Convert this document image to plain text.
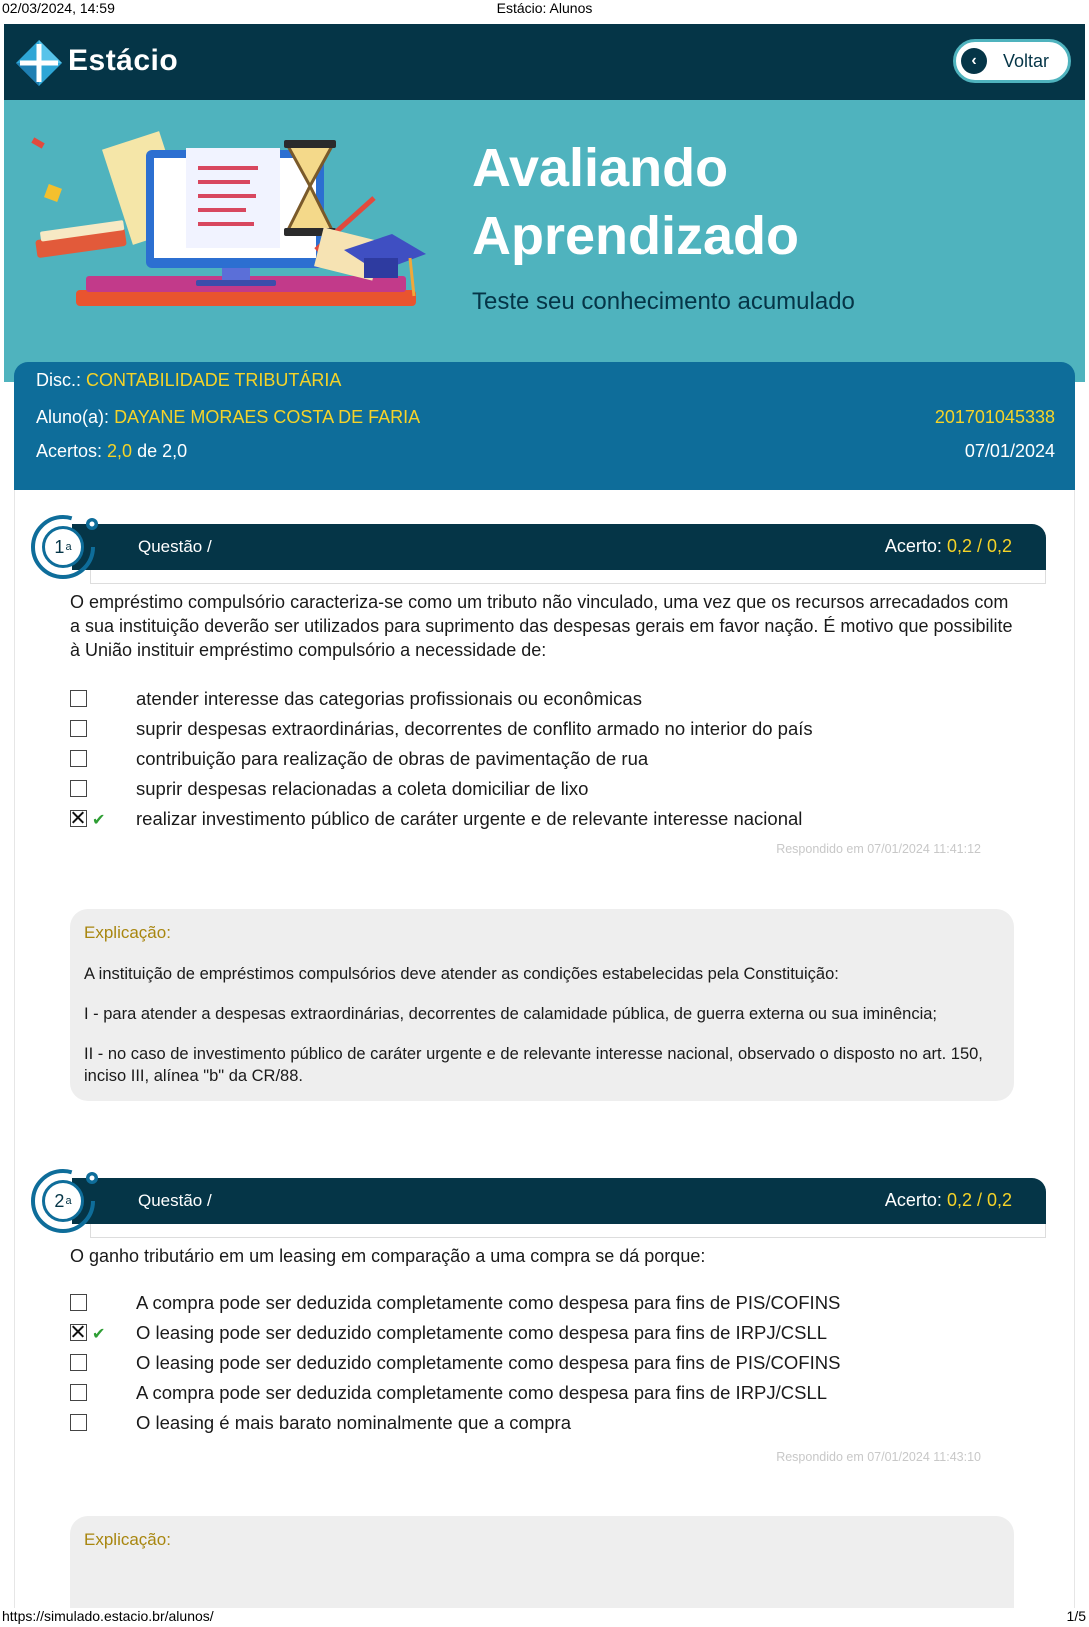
02/03/2024, 14:59	Estácio: Alunos
Estácio	‹	Voltar
Avaliando
Aprendizado
Teste seu conhecimento acumulado
Disc.: CONTABILIDADE TRIBUTÁRIA
Aluno(a): DAYANE MORAES COSTA DE FARIA
Acertos: 2,0 de 2,0
201701045338
07/01/2024
Questão /	Acerto: 0,2 / 0,2
1 a
O empréstimo compulsório caracteriza-se como um tributo não vinculado, uma vez que os recursos arrecadados com a sua instituição deverão ser utilizados para suprimento das despesas gerais em favor nação. É motivo que possibilite à União instituir empréstimo compulsório a necessidade de:
atender interesse das categorias profissionais ou econômicas
suprir despesas extraordinárias, decorrentes de conflito armado no interior do país
contribuição para realização de obras de pavimentação de rua
suprir despesas relacionadas a coleta domiciliar de lixo
✔ realizar investimento público de caráter urgente e de relevante interesse nacional
Respondido em 07/01/2024 11:41:12
Explicação:

A instituição de empréstimos compulsórios deve atender as condições estabelecidas pela Constituição:

I - para atender a despesas extraordinárias, decorrentes de calamidade pública, de guerra externa ou sua iminência;

II - no caso de investimento público de caráter urgente e de relevante interesse nacional, observado o disposto no art. 150, inciso III, alínea "b" da CR/88.

Questão /	Acerto: 0,2 / 0,2
2 a
O ganho tributário em um leasing em comparação a uma compra se dá porque:
A compra pode ser deduzida completamente como despesa para fins de PIS/COFINS
✔ O leasing pode ser deduzido completamente como despesa para fins de IRPJ/CSLL
O leasing pode ser deduzido completamente como despesa para fins de PIS/COFINS
A compra pode ser deduzida completamente como despesa para fins de IRPJ/CSLL
O leasing é mais barato nominalmente que a compra
Respondido em 07/01/2024 11:43:10
Explicação:
https://simulado.estacio.br/alunos/	1/5
